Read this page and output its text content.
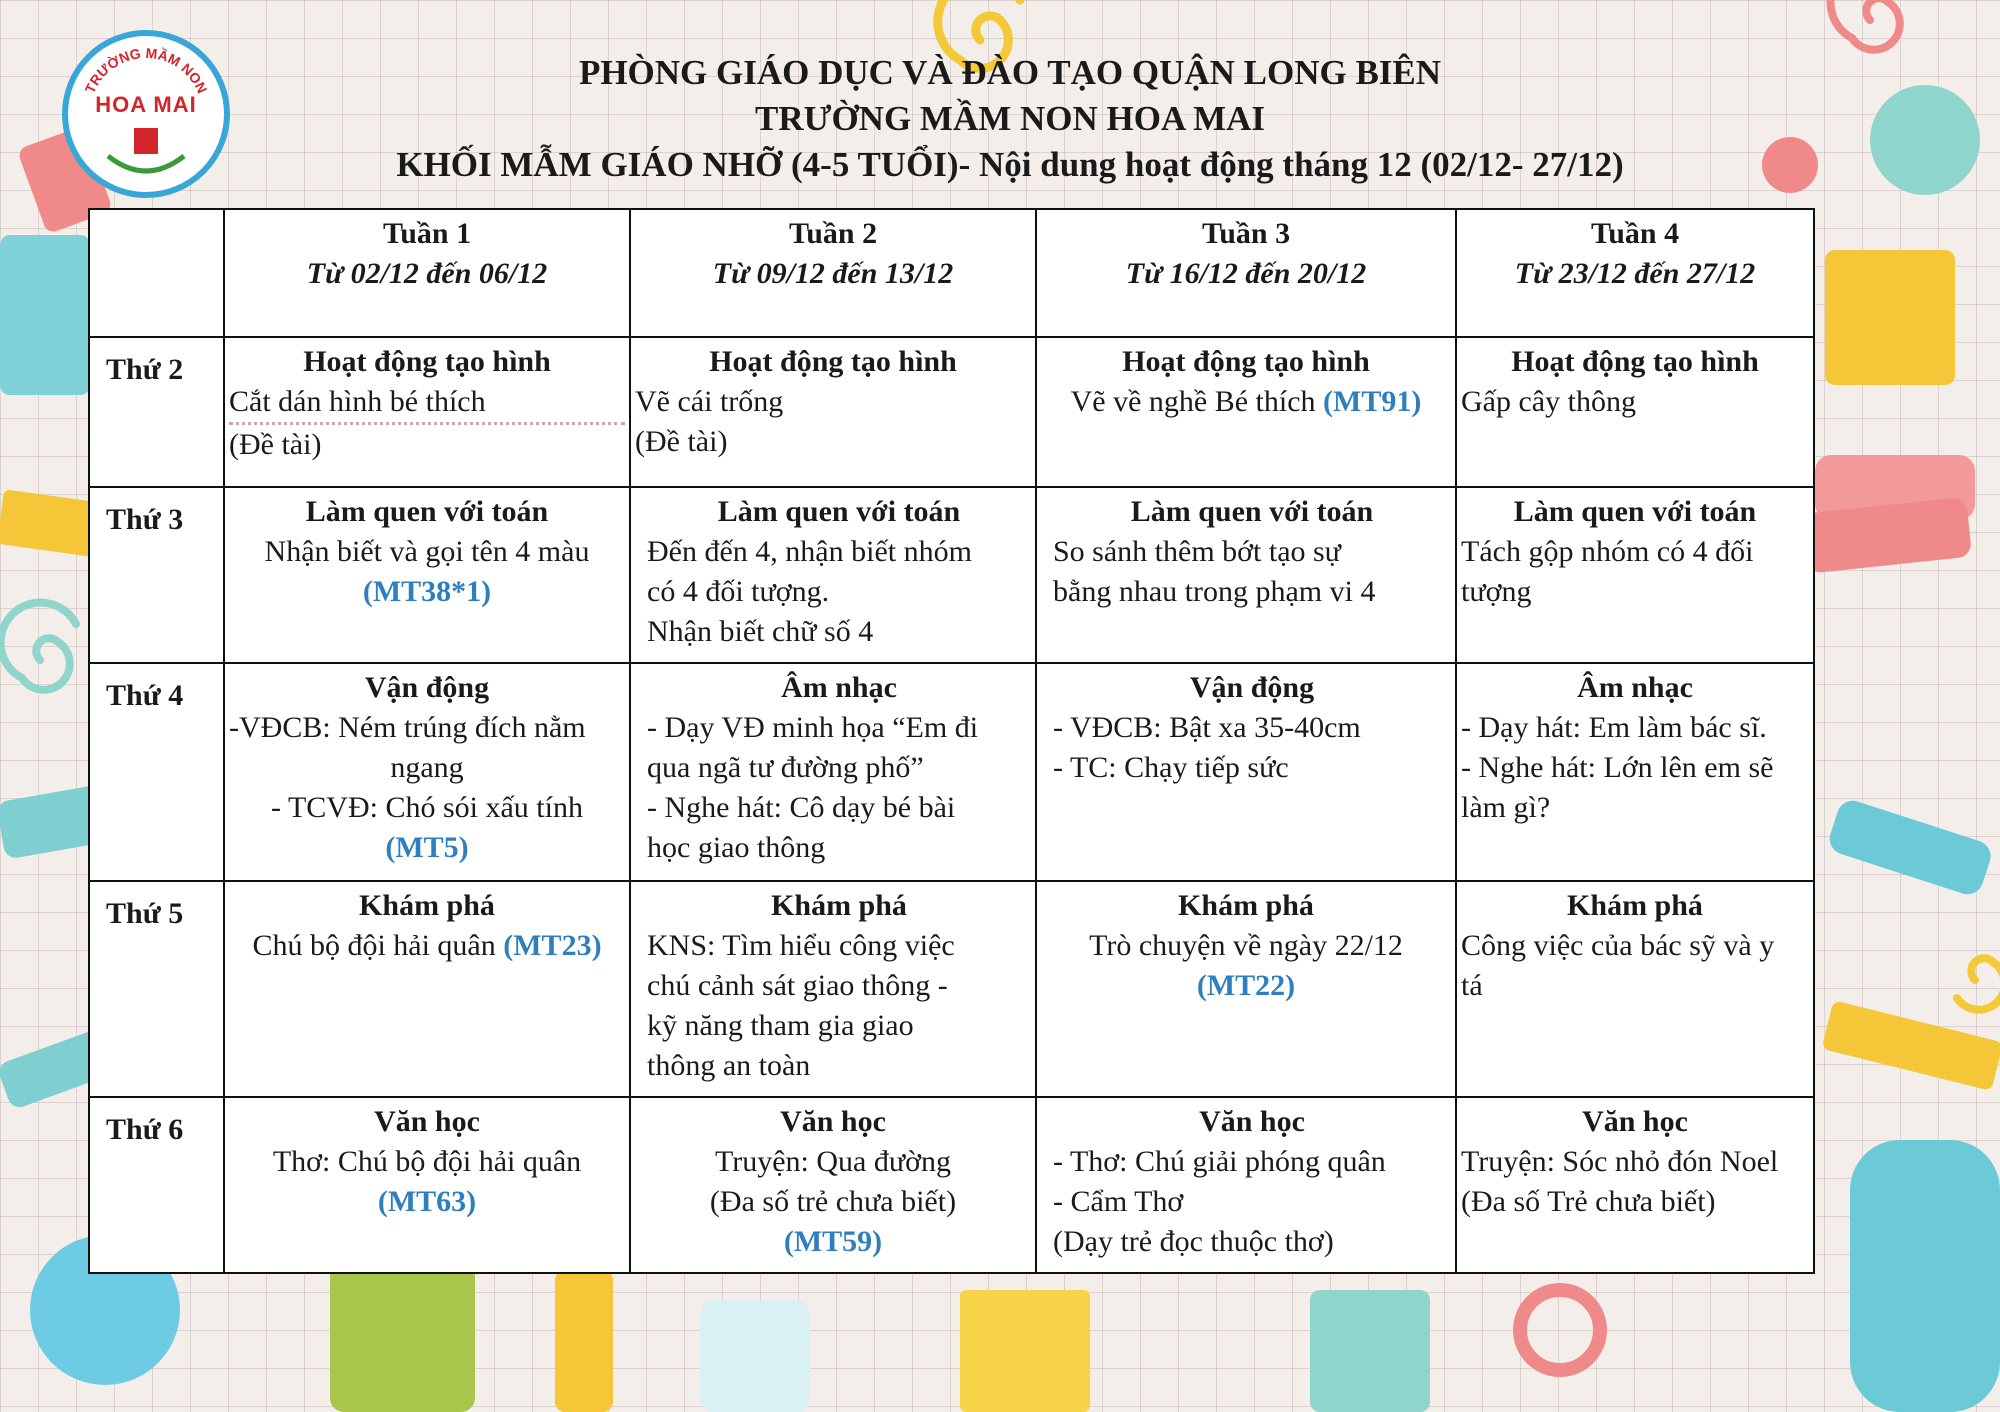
TRƯỜNG MẦM NON
HOA MAI
PHÒNG GIÁO DỤC VÀ ĐÀO TẠO QUẬN LONG BIÊN
TRƯỜNG MẦM NON HOA MAI
KHỐI MẪM GIÁO NHỠ (4-5 TUỔI)- Nội dung hoạt động tháng 12 (02/12- 27/12)

	Tuần 1
Từ 02/12 đến 06/12	Tuần 2
Từ 09/12 đến 13/12	Tuần 3
Từ 16/12 đến 20/12	Tuần 4
Từ 23/12 đến 27/12

Thứ 2	Hoạt động tạo hình
Cắt dán hình bé thích
(Đề tài)	Hoạt động tạo hình
Vẽ cái trống
(Đề tài)	Hoạt động tạo hình
Vẽ về nghề Bé thích (MT91)	Hoạt động tạo hình
Gấp cây thông

Thứ 3	Làm quen với toán
Nhận biết và gọi tên 4 màu
(MT38*1)	Làm quen với toán
Đến đến 4, nhận biết nhóm
có 4 đối tượng.
Nhận biết chữ số 4	Làm quen với toán
So sánh thêm bớt tạo sự
bằng nhau trong phạm vi 4	Làm quen với toán
Tách gộp nhóm có 4 đối
tượng

Thứ 4	Vận động
-VĐCB: Ném trúng đích nằm
ngang
- TCVĐ: Chó sói xấu tính
(MT5)	Âm nhạc
- Dạy VĐ minh họa “Em đi
qua ngã tư đường phố”
- Nghe hát: Cô dạy bé bài
học giao thông	Vận động
- VĐCB: Bật xa 35-40cm
- TC: Chạy tiếp sức	Âm nhạc
- Dạy hát: Em làm bác sĩ.
- Nghe hát: Lớn lên em sẽ
làm gì?

Thứ 5	Khám phá
Chú bộ đội hải quân (MT23)	Khám phá
KNS: Tìm hiểu công việc
chú cảnh sát giao thông -
kỹ năng tham gia giao
thông an toàn	Khám phá
Trò chuyện về ngày 22/12
(MT22)	Khám phá
Công việc của bác sỹ và y
tá

Thứ 6	Văn học
Thơ: Chú bộ đội hải quân
(MT63)	Văn học
Truyện: Qua đường
(Đa số trẻ chưa biết)
(MT59)	Văn học
- Thơ: Chú giải phóng quân
- Cẩm Thơ
(Dạy trẻ đọc thuộc thơ)	Văn học
Truyện: Sóc nhỏ đón Noel
(Đa số Trẻ chưa biết)
